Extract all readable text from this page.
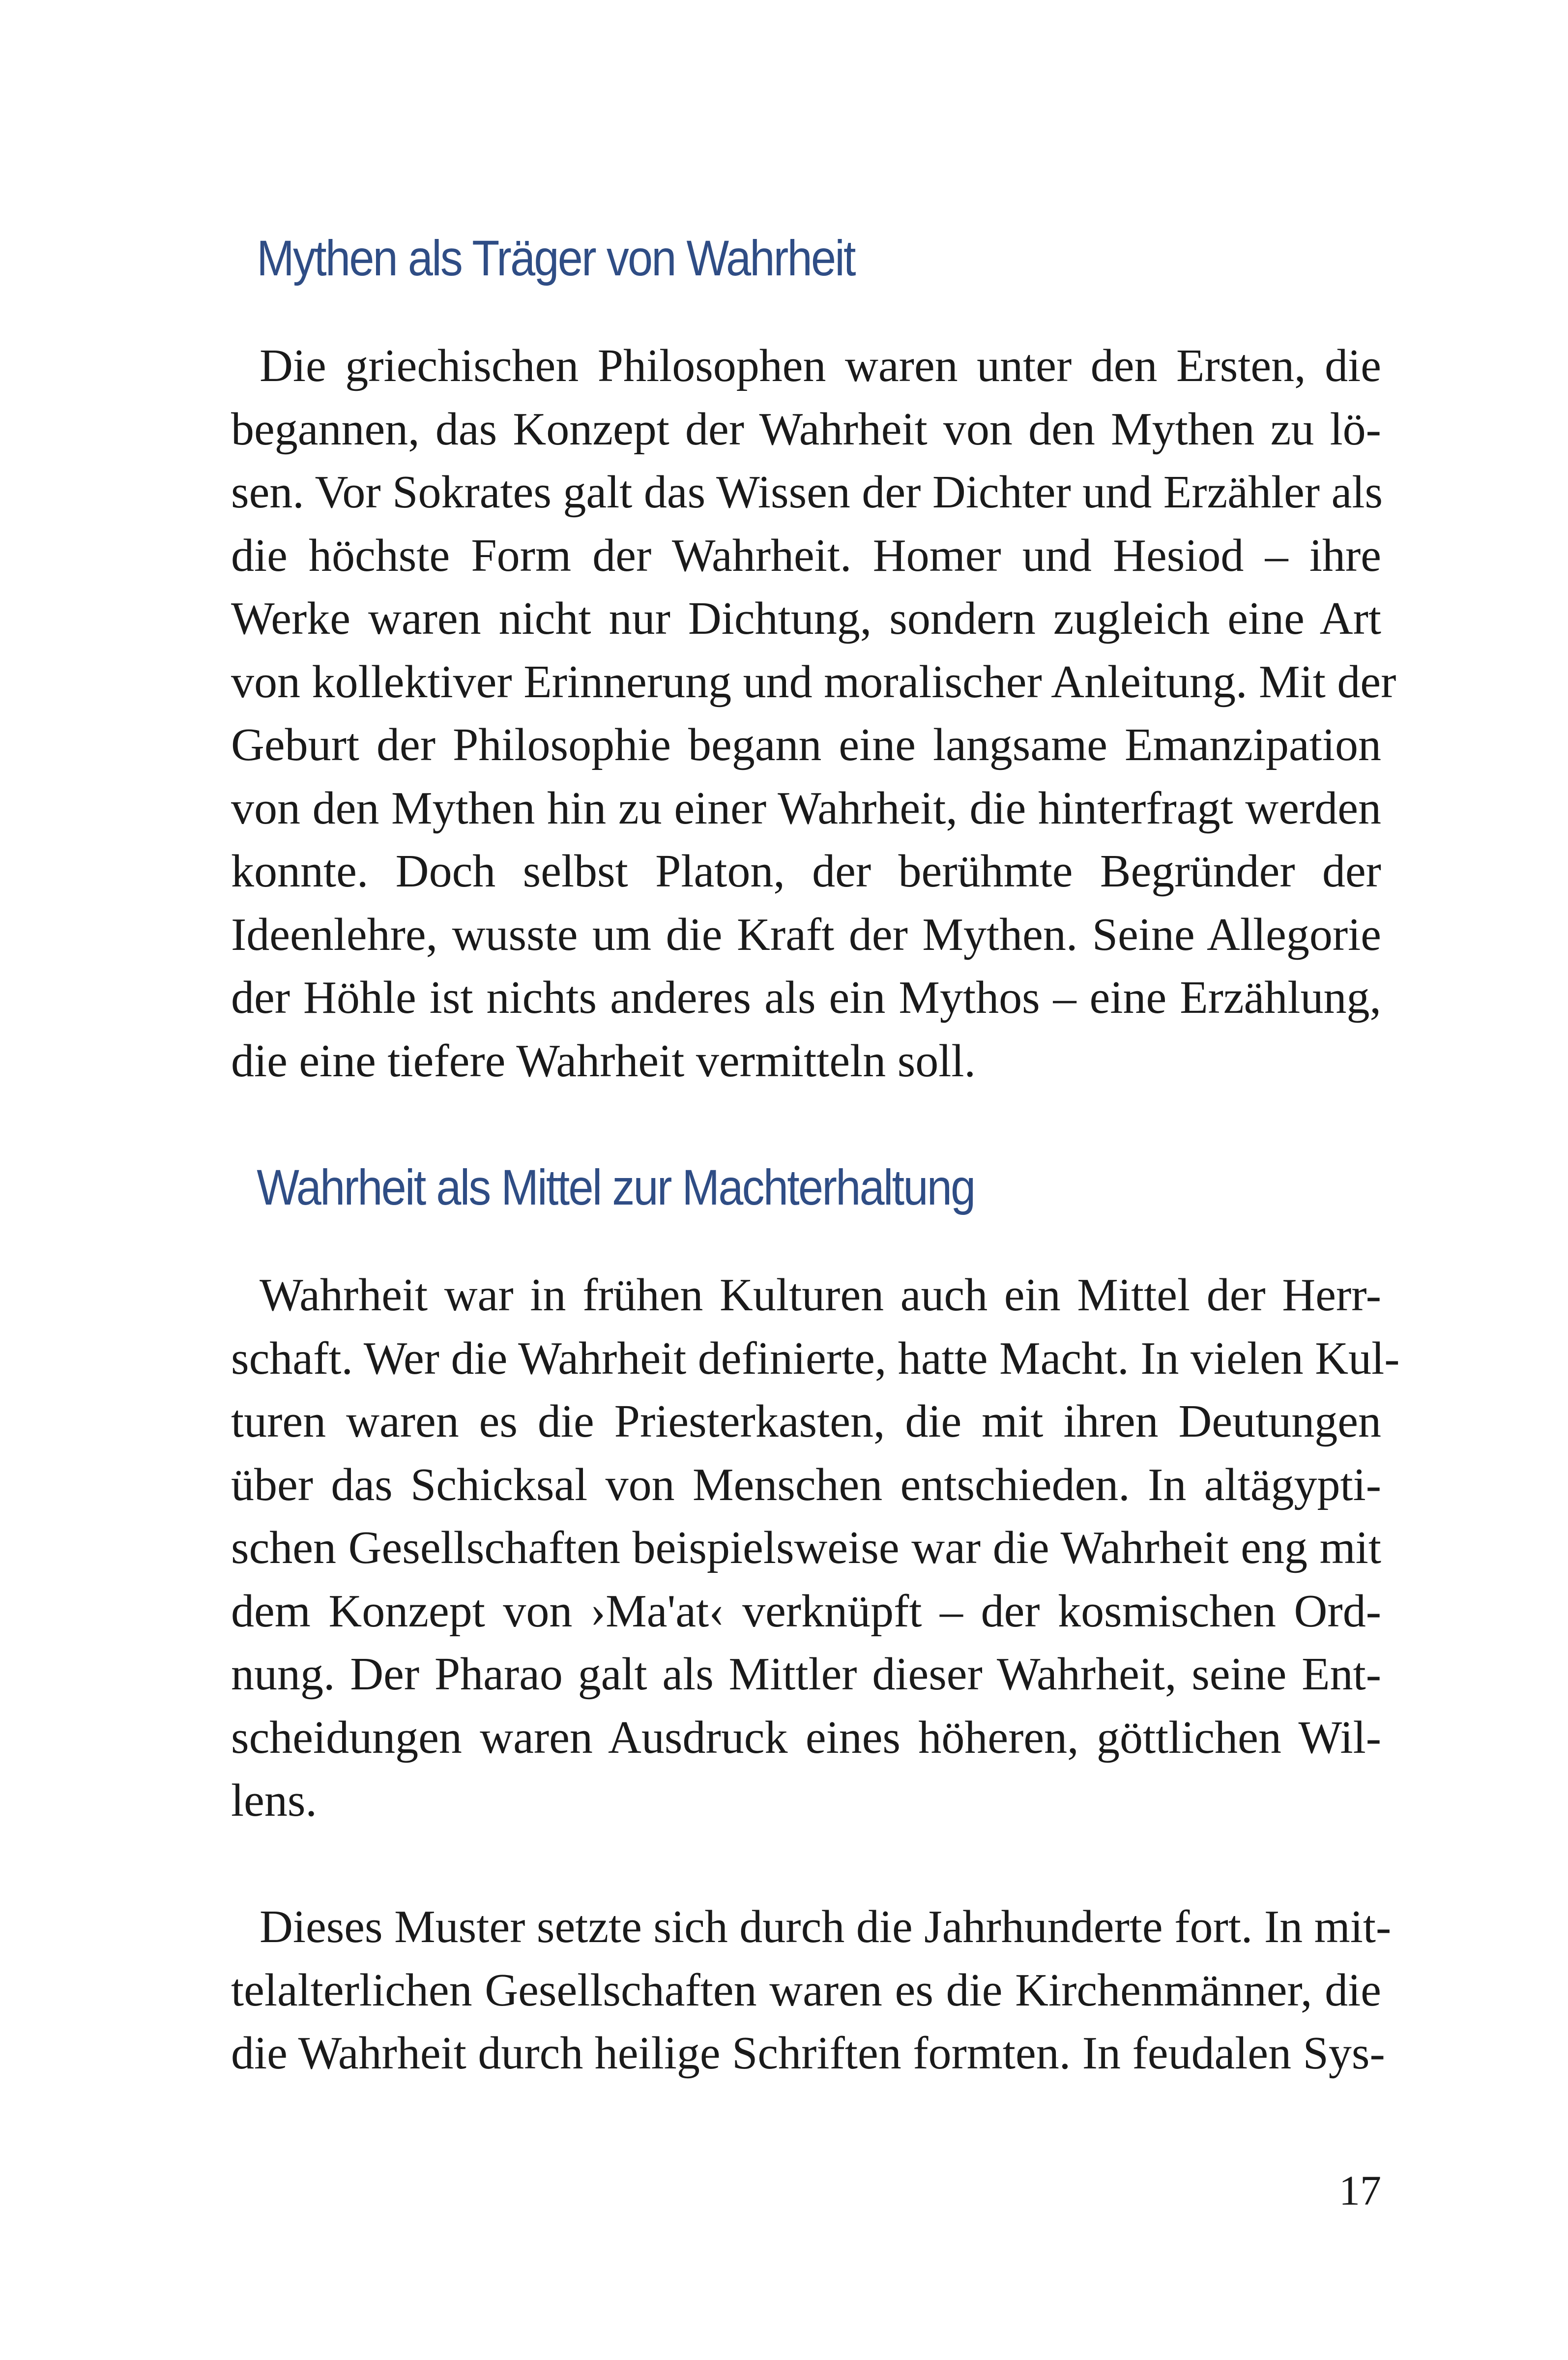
Mythen als Träger von Wahrheit

Die griechischen Philosophen waren unter den Ersten, die
begannen, das Konzept der Wahrheit von den Mythen zu lö-
sen. Vor Sokrates galt das Wissen der Dichter und Erzähler als
die höchste Form der Wahrheit. Homer und Hesiod – ihre
Werke waren nicht nur Dichtung, sondern zugleich eine Art
von kollektiver Erinnerung und moralischer Anleitung. Mit der
Geburt der Philosophie begann eine langsame Emanzipation
von den Mythen hin zu einer Wahrheit, die hinterfragt werden
konnte. Doch selbst Platon, der berühmte Begründer der
Ideenlehre, wusste um die Kraft der Mythen. Seine Allegorie
der Höhle ist nichts anderes als ein Mythos – eine Erzählung,
die eine tiefere Wahrheit vermitteln soll.

Wahrheit als Mittel zur Machterhaltung

Wahrheit war in frühen Kulturen auch ein Mittel der Herr-
schaft. Wer die Wahrheit definierte, hatte Macht. In vielen Kul-
turen waren es die Priesterkasten, die mit ihren Deutungen
über das Schicksal von Menschen entschieden. In altägypti-
schen Gesellschaften beispielsweise war die Wahrheit eng mit
dem Konzept von ›Ma'at‹ verknüpft – der kosmischen Ord-
nung. Der Pharao galt als Mittler dieser Wahrheit, seine Ent-
scheidungen waren Ausdruck eines höheren, göttlichen Wil-
lens.

Dieses Muster setzte sich durch die Jahrhunderte fort. In mit-
telalterlichen Gesellschaften waren es die Kirchenmänner, die
die Wahrheit durch heilige Schriften formten. In feudalen Sys-

17
